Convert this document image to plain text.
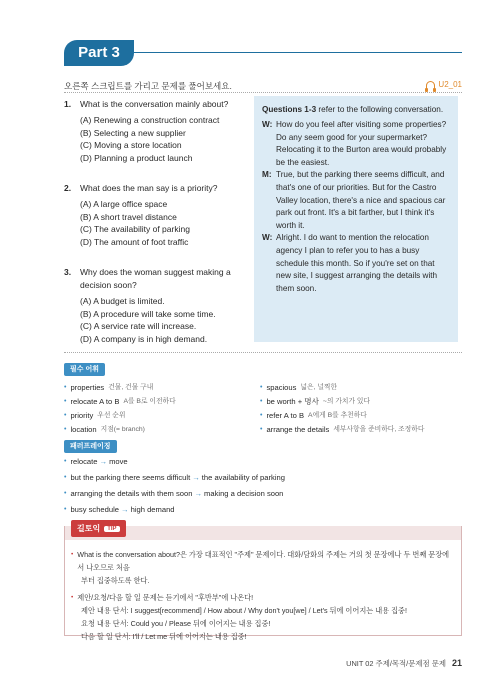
Part 3
오른쪽 스크립트를 가리고 문제를 풀어보세요.	U2_01
1.	What is the conversation mainly about?
(A) Renewing a construction contract
(B) Selecting a new supplier
(C) Moving a store location
(D) Planning a product launch
2.	What does the man say is a priority?
(A) A large office space
(B) A short travel distance
(C) The availability of parking
(D) The amount of foot traffic
3.	Why does the woman suggest making a decision soon?
(A) A budget is limited.
(B) A procedure will take some time.
(C) A service rate will increase.
(D) A company is in high demand.
Questions 1-3 refer to the following conversation.
W: How do you feel after visiting some properties? Do any seem good for your supermarket? Relocating it to the Burton area would probably be the easiest.
M: True, but the parking there seems difficult, and that's one of our priorities. But for the Castro Valley location, there's a nice and spacious car park out front. It's a bit farther, but I think it's worth it.
W: Alright. I do want to mention the relocation agency I plan to refer you to has a busy schedule this month. So if you're set on that new site, I suggest arranging the details with them soon.
필수 어휘
• properties 건물, 건물 구내	• spacious 넓은, 널찍한
• relocate A to B A를 B로 이전하다	• be worth + 명사 ~의 가치가 있다
• priority 우선 순위	• refer A to B A에게 B를 추천하다
• location 지점(= branch)	• arrange the details 세부사항을 준비하다, 조정하다
패러프레이징
• relocate → move
• but the parking there seems difficult → the availability of parking
• arranging the details with them soon → making a decision soon
• busy schedule → high demand
길토익	TIP
• What is the conversation about?은 가장 대표적인 "주제" 문제이다. 대화/담화의 주제는 거의 첫 문장에나 두 번째 문장에서 나오므로 처음
부터 집중하도록 한다.
• 제안/요청/다음 할 일 문제는 듣기에서 "후반부"에 나온다!
제안 내용 단서: I suggest[recommend] / How about / Why don't you[we] / Let's 뒤에 이어지는 내용 집중!
요청 내용 단서: Could you / Please 뒤에 이어지는 내용 집중!
다음 할 일 단서: I'll / Let me 뒤에 이어지는 내용 집중!
UNIT 02 주제/목적/문제점 문제 21
